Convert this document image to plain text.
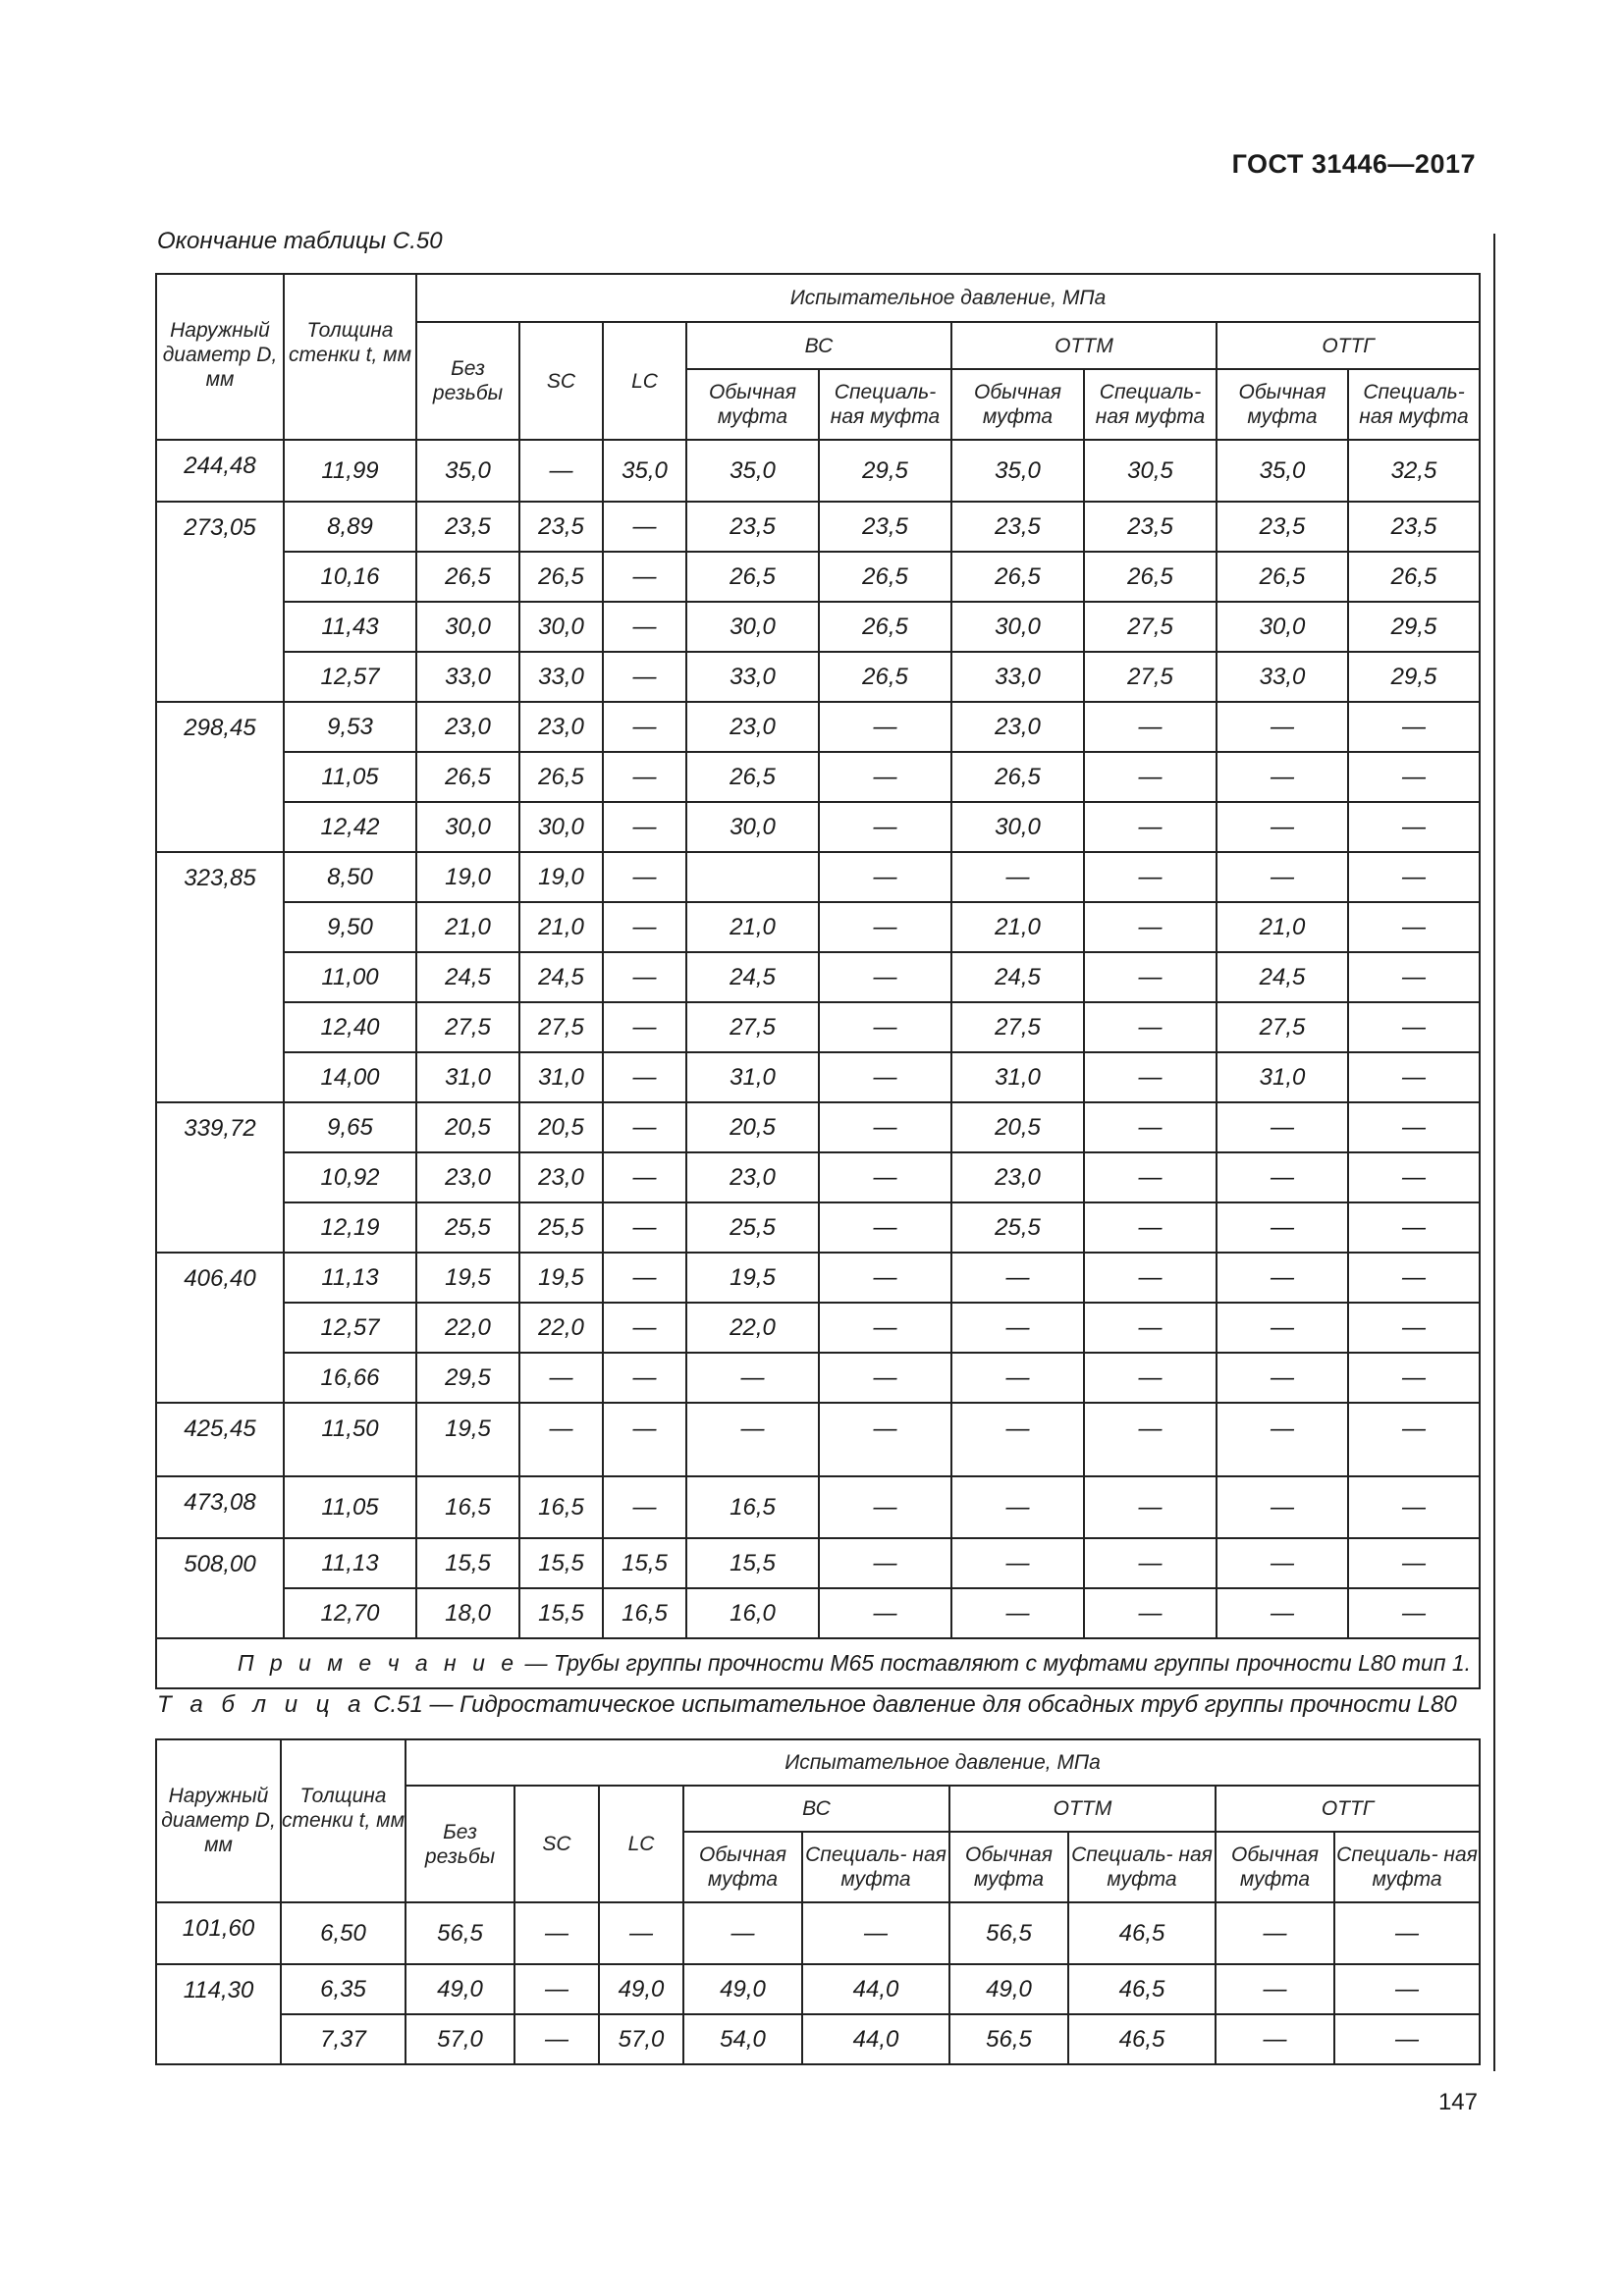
ГОСТ 31446—2017
Окончание таблицы С.50
Наружный диаметр D, мм	Толщина стенки t, мм	Испытательное давление, МПа								
		Без резьбы	SC	LC	ВС		ОТТМ		ОТТГ	
					Обычная муфта	Специаль- ная муфта	Обычная муфта	Специаль- ная муфта	Обычная муфта	Специаль- ная муфта
244,48	11,99	35,0	—	35,0	35,0	29,5	35,0	30,5	35,0	32,5
273,05	8,89	23,5	23,5	—	23,5	23,5	23,5	23,5	23,5	23,5
	10,16	26,5	26,5	—	26,5	26,5	26,5	26,5	26,5	26,5
	11,43	30,0	30,0	—	30,0	26,5	30,0	27,5	30,0	29,5
	12,57	33,0	33,0	—	33,0	26,5	33,0	27,5	33,0	29,5
298,45	9,53	23,0	23,0	—	23,0	—	23,0	—	—	—
	11,05	26,5	26,5	—	26,5	—	26,5	—	—	—
	12,42	30,0	30,0	—	30,0	—	30,0	—	—	—
323,85	8,50	19,0	19,0	—		—	—	—	—	—
	9,50	21,0	21,0	—	21,0	—	21,0	—	21,0	—
	11,00	24,5	24,5	—	24,5	—	24,5	—	24,5	—
	12,40	27,5	27,5	—	27,5	—	27,5	—	27,5	—
	14,00	31,0	31,0	—	31,0	—	31,0	—	31,0	—
339,72	9,65	20,5	20,5	—	20,5	—	20,5	—	—	—
	10,92	23,0	23,0	—	23,0	—	23,0	—	—	—
	12,19	25,5	25,5	—	25,5	—	25,5	—	—	—
406,40	11,13	19,5	19,5	—	19,5	—	—	—	—	—
	12,57	22,0	22,0	—	22,0	—	—	—	—	—
	16,66	29,5	—	—	—	—	—	—	—	—
425,45	11,50	19,5	—	—	—	—	—	—	—	—
473,08	11,05	16,5	16,5	—	16,5	—	—	—	—	—
508,00	11,13	15,5	15,5	15,5	15,5	—	—	—	—	—
	12,70	18,0	15,5	16,5	16,0	—	—	—	—	—
П р и м е ч а н и е — Трубы группы прочности М65 поставляют с муфтами группы прочности L80 тип 1.										
Т а б л и ц а С.51 — Гидростатическое испытательное давление для обсадных труб группы прочности L80
Наружный диаметр D, мм	Толщина стенки t, мм	Испытательное давление, МПа								
		Без резьбы	SC	LC	ВС		ОТТМ		ОТТГ	
					Обычная муфта	Специаль- ная муфта	Обычная муфта	Специаль- ная муфта	Обычная муфта	Специаль- ная муфта
101,60	6,50	56,5	—	—	—	—	56,5	46,5	—	—
114,30	6,35	49,0	—	49,0	49,0	44,0	49,0	46,5	—	—
	7,37	57,0	—	57,0	54,0	44,0	56,5	46,5	—	—
147
